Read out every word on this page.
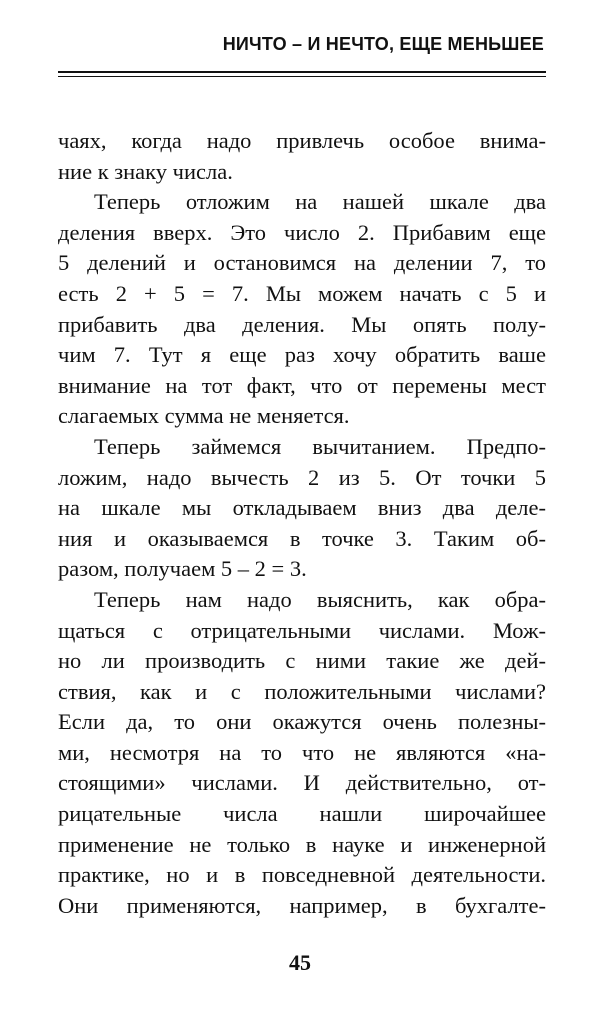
НИЧТО – И НЕЧТО, ЕЩЕ МЕНЬШЕЕ
чаях, когда надо привлечь особое внима-
ние к знаку числа.
Теперь отложим на нашей шкале два
деления вверх. Это число 2. Прибавим еще
5 делений и остановимся на делении 7, то
есть 2 + 5 = 7. Мы можем начать с 5 и
прибавить два деления. Мы опять полу-
чим 7. Тут я еще раз хочу обратить ваше
внимание на тот факт, что от перемены мест
слагаемых сумма не меняется.
Теперь займемся вычитанием. Предпо-
ложим, надо вычесть 2 из 5. От точки 5
на шкале мы откладываем вниз два деле-
ния и оказываемся в точке 3. Таким об-
разом, получаем 5 – 2 = 3.
Теперь нам надо выяснить, как обра-
щаться с отрицательными числами. Мож-
но ли производить с ними такие же дей-
ствия, как и с положительными числами?
Если да, то они окажутся очень полезны-
ми, несмотря на то что не являются «на-
стоящими» числами. И действительно, от-
рицательные числа нашли широчайшее
применение не только в науке и инженерной
практике, но и в повседневной деятельности.
Они применяются, например, в бухгалте-
45
